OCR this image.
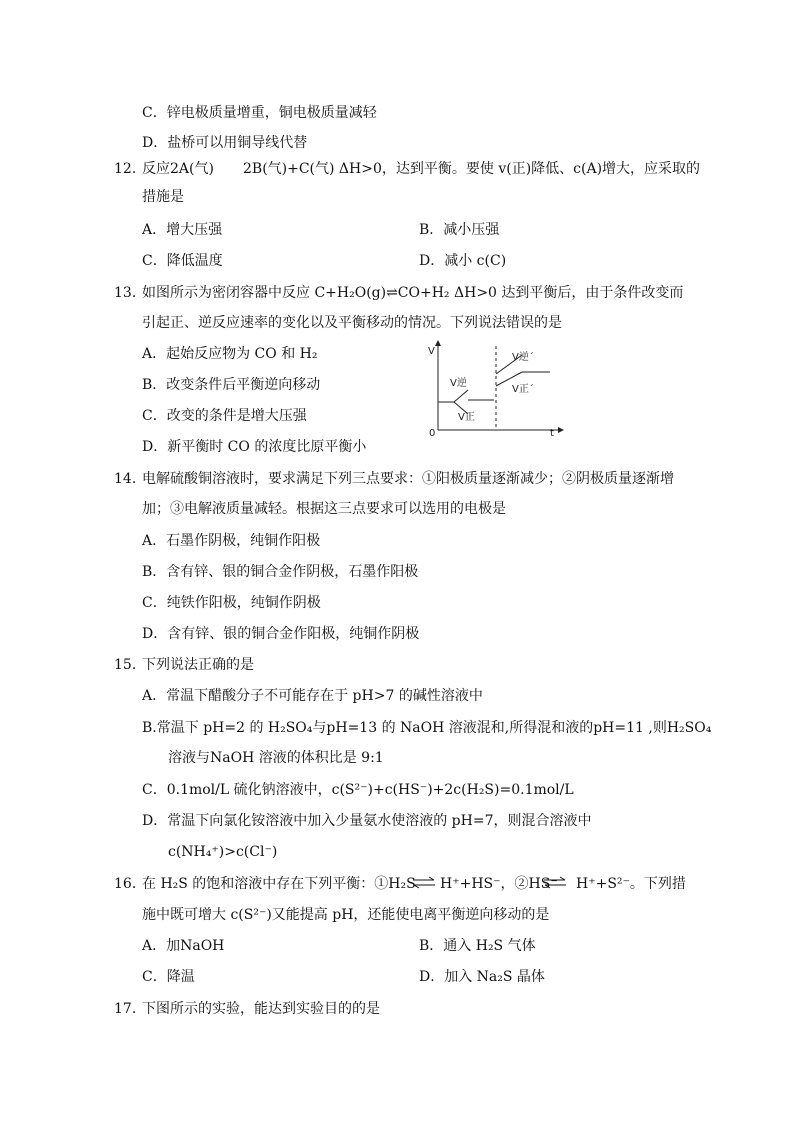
C．锌电极质量增重，铜电极质量减轻
D．盐桥可以用铜导线代替
12．
反应2A(气) 2B(气)+C(气) ΔH>0，达到平衡。要使 v(正)降低、c(A)增大，应采取的
措施是
A．增大压强	B．减小压强
C．降低温度	D．减小 c(C)
13．
如图所示为密闭容器中反应 C+H₂O(g)⇌CO+H₂ ΔH>0 达到平衡后，由于条件改变而
引起正、逆反应速率的变化以及平衡移动的情况。下列说法错误的是
A．起始反应物为 CO 和 H₂
B．改变条件后平衡逆向移动
C．改变的条件是增大压强
D．新平衡时 CO 的浓度比原平衡小
V
t
0
V逆
V正
V逆´
V正´
14．
电解硫酸铜溶液时，要求满足下列三点要求：①阳极质量逐渐减少；②阴极质量逐渐增
加；③电解液质量减轻。根据这三点要求可以选用的电极是
A．石墨作阴极，纯铜作阳极
B．含有锌、银的铜合金作阴极，石墨作阳极
C．纯铁作阳极，纯铜作阴极
D．含有锌、银的铜合金作阳极，纯铜作阴极
15．
下列说法正确的是
A．常温下醋酸分子不可能存在于 pH>7 的碱性溶液中
B.常温下 pH=2 的 H₂SO₄与pH=13 的 NaOH 溶液混和,所得混和液的pH=11 ,则H₂SO₄
溶液与NaOH 溶液的体积比是 9:1
C．0.1mol/L 硫化钠溶液中，c(S²⁻)+c(HS⁻)+2c(H₂S)=0.1mol/L
D．常温下向氯化铵溶液中加入少量氨水使溶液的 pH=7，则混合溶液中
c(NH₄⁺)>c(Cl⁻)
16．
在 H₂S 的饱和溶液中存在下列平衡：①H₂S ⇌ H⁺+HS⁻，②HS⁻ ⇌ H⁺+S²⁻。下列措
施中既可增大 c(S²⁻)又能提高 pH，还能使电离平衡逆向移动的是
A．加NaOH	B．通入 H₂S 气体
C．降温	D．加入 Na₂S 晶体
17．
下图所示的实验，能达到实验目的的是
